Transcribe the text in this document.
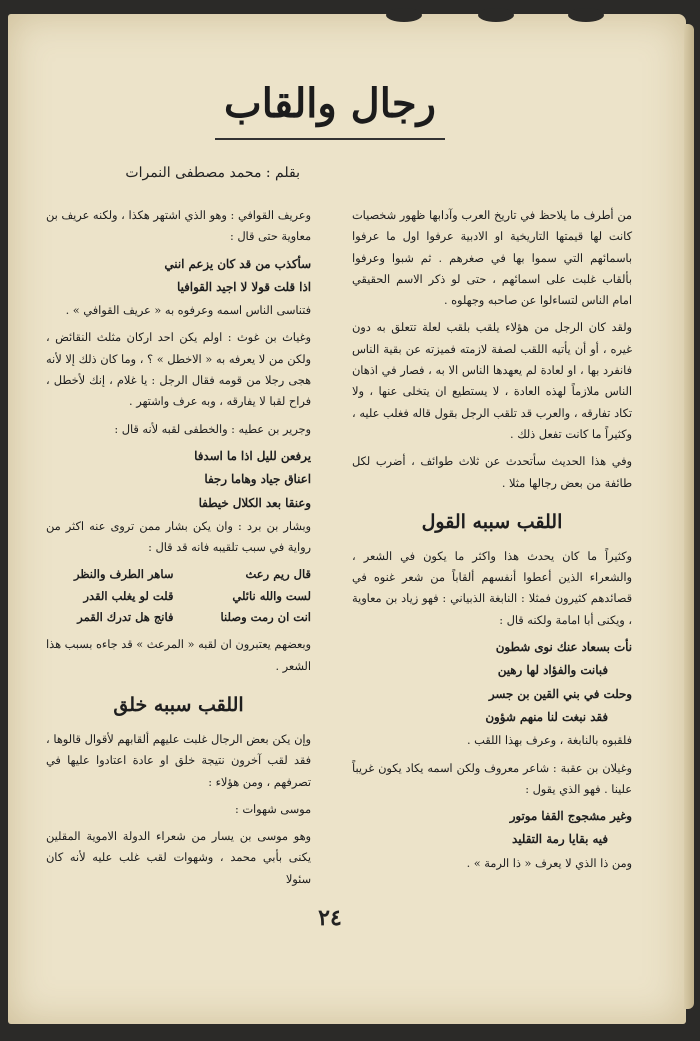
رجال والقاب
بقلم : محمد مصطفى النمرات

من أطرف ما يلاحظ في تاريخ العرب وآدابها ظهور شخصيات كانت لها قيمتها التاريخية او الادبية عرفوا اول ما عرفوا باسمائهم التي سموا بها في صغرهم . ثم شبوا وعرفوا بألقاب غلبت على اسمائهم ، حتى لو ذكر الاسم الحقيقي امام الناس لتساءلوا عن صاحبه وجهلوه .

ولقد كان الرجل من هؤلاء يلقب بلقب لعلة تتعلق به دون غيره ، أو أن يأتيه اللقب لصفة لازمته فميزته عن بقية الناس فانفرد بها ، او لعادة لم يعهدها الناس الا به ، فصار في اذهان الناس ملازماً لهذه العادة ، لا يستطيع ان يتخلى عنها ، ولا تكاد تفارقه ، والعرب قد تلقب الرجل بقول قاله فغلب عليه ، وكثيراً ما كانت تفعل ذلك .

وفي هذا الحديث سأتحدث عن ثلاث طوائف ، أضرب لكل طائفة من بعض رجالها مثلا .

اللقب سببه القول

وكثيراً ما كان يحدث هذا واكثر ما يكون في الشعر ، والشعراء الذين أعطوا أنفسهم ألقاباً من شعر غنوه في قصائدهم كثيرون فمثلا : النابغة الذبياني : فهو زياد بن معاوية ، ويكنى أبا امامة ولكنه قال :

نأت بسعاد عنك نوى شطون
فبانت والفؤاد لها رهين
وحلت في بني القين بن جسر
فقد نبغت لنا منهم شؤون

فلقبوه بالنابغة ، وعرف بهذا اللقب .

وغيلان بن عقبة : شاعر معروف ولكن اسمه يكاد يكون غريباً علينا . فهو الذي يقول :

وغير مشجوج القفا موتور
فيه بقايا رمة التقليد

ومن ذا الذي لا يعرف « ذا الرمة » .

وعريف القوافي : وهو الذي اشتهر هكذا ، ولكنه عريف بن معاوية حتى قال :

سأكذب من قد كان يزعم انني
اذا قلت قولا لا اجيد القوافيا

فتناسى الناس اسمه وعرفوه به « عريف القوافي » .

وغياث بن غوث : اولم يكن احد اركان مثلث النقائض ، ولكن من لا يعرفه به « الاخطل » ؟ ، وما كان ذلك إلا لأنه هجى رجلا من قومه فقال الرجل : يا غلام ، إنك لأخطل ، فراح لقبا لا يفارقه ، وبه عرف واشتهر .

وجرير بن عطيه : والخطفى لقبه لأنه قال :

يرفعن لليل اذا ما اسدفا
اعناق جياد وهاما رجفا
وعنقا بعد الكلال خيطفا

وبشار بن برد : وان يكن بشار ممن تروى عنه اكثر من رواية في سبب تلقيبه فانه قد قال :

قال ريم رعث
ساهر الطرف والنظر
لست والله نائلي
قلت لو يغلب القدر
انت ان رمت وصلنا
فانج هل تدرك القمر

وبعضهم يعتبرون ان لقبه « المرعث » قد جاءه بسبب هذا الشعر .

اللقب سببه خلق

وإن يكن بعض الرجال غلبت عليهم ألقابهم لأقوال قالوها ، فقد لقب آخرون نتيجة خلق او عادة اعتادوا عليها في تصرفهم ، ومن هؤلاء :

موسى شهوات :

وهو موسى بن يسار من شعراء الدولة الاموية المقلين يكنى بأبي محمد ، وشهوات لقب غلب عليه لأنه كان سئولا

٢٤
